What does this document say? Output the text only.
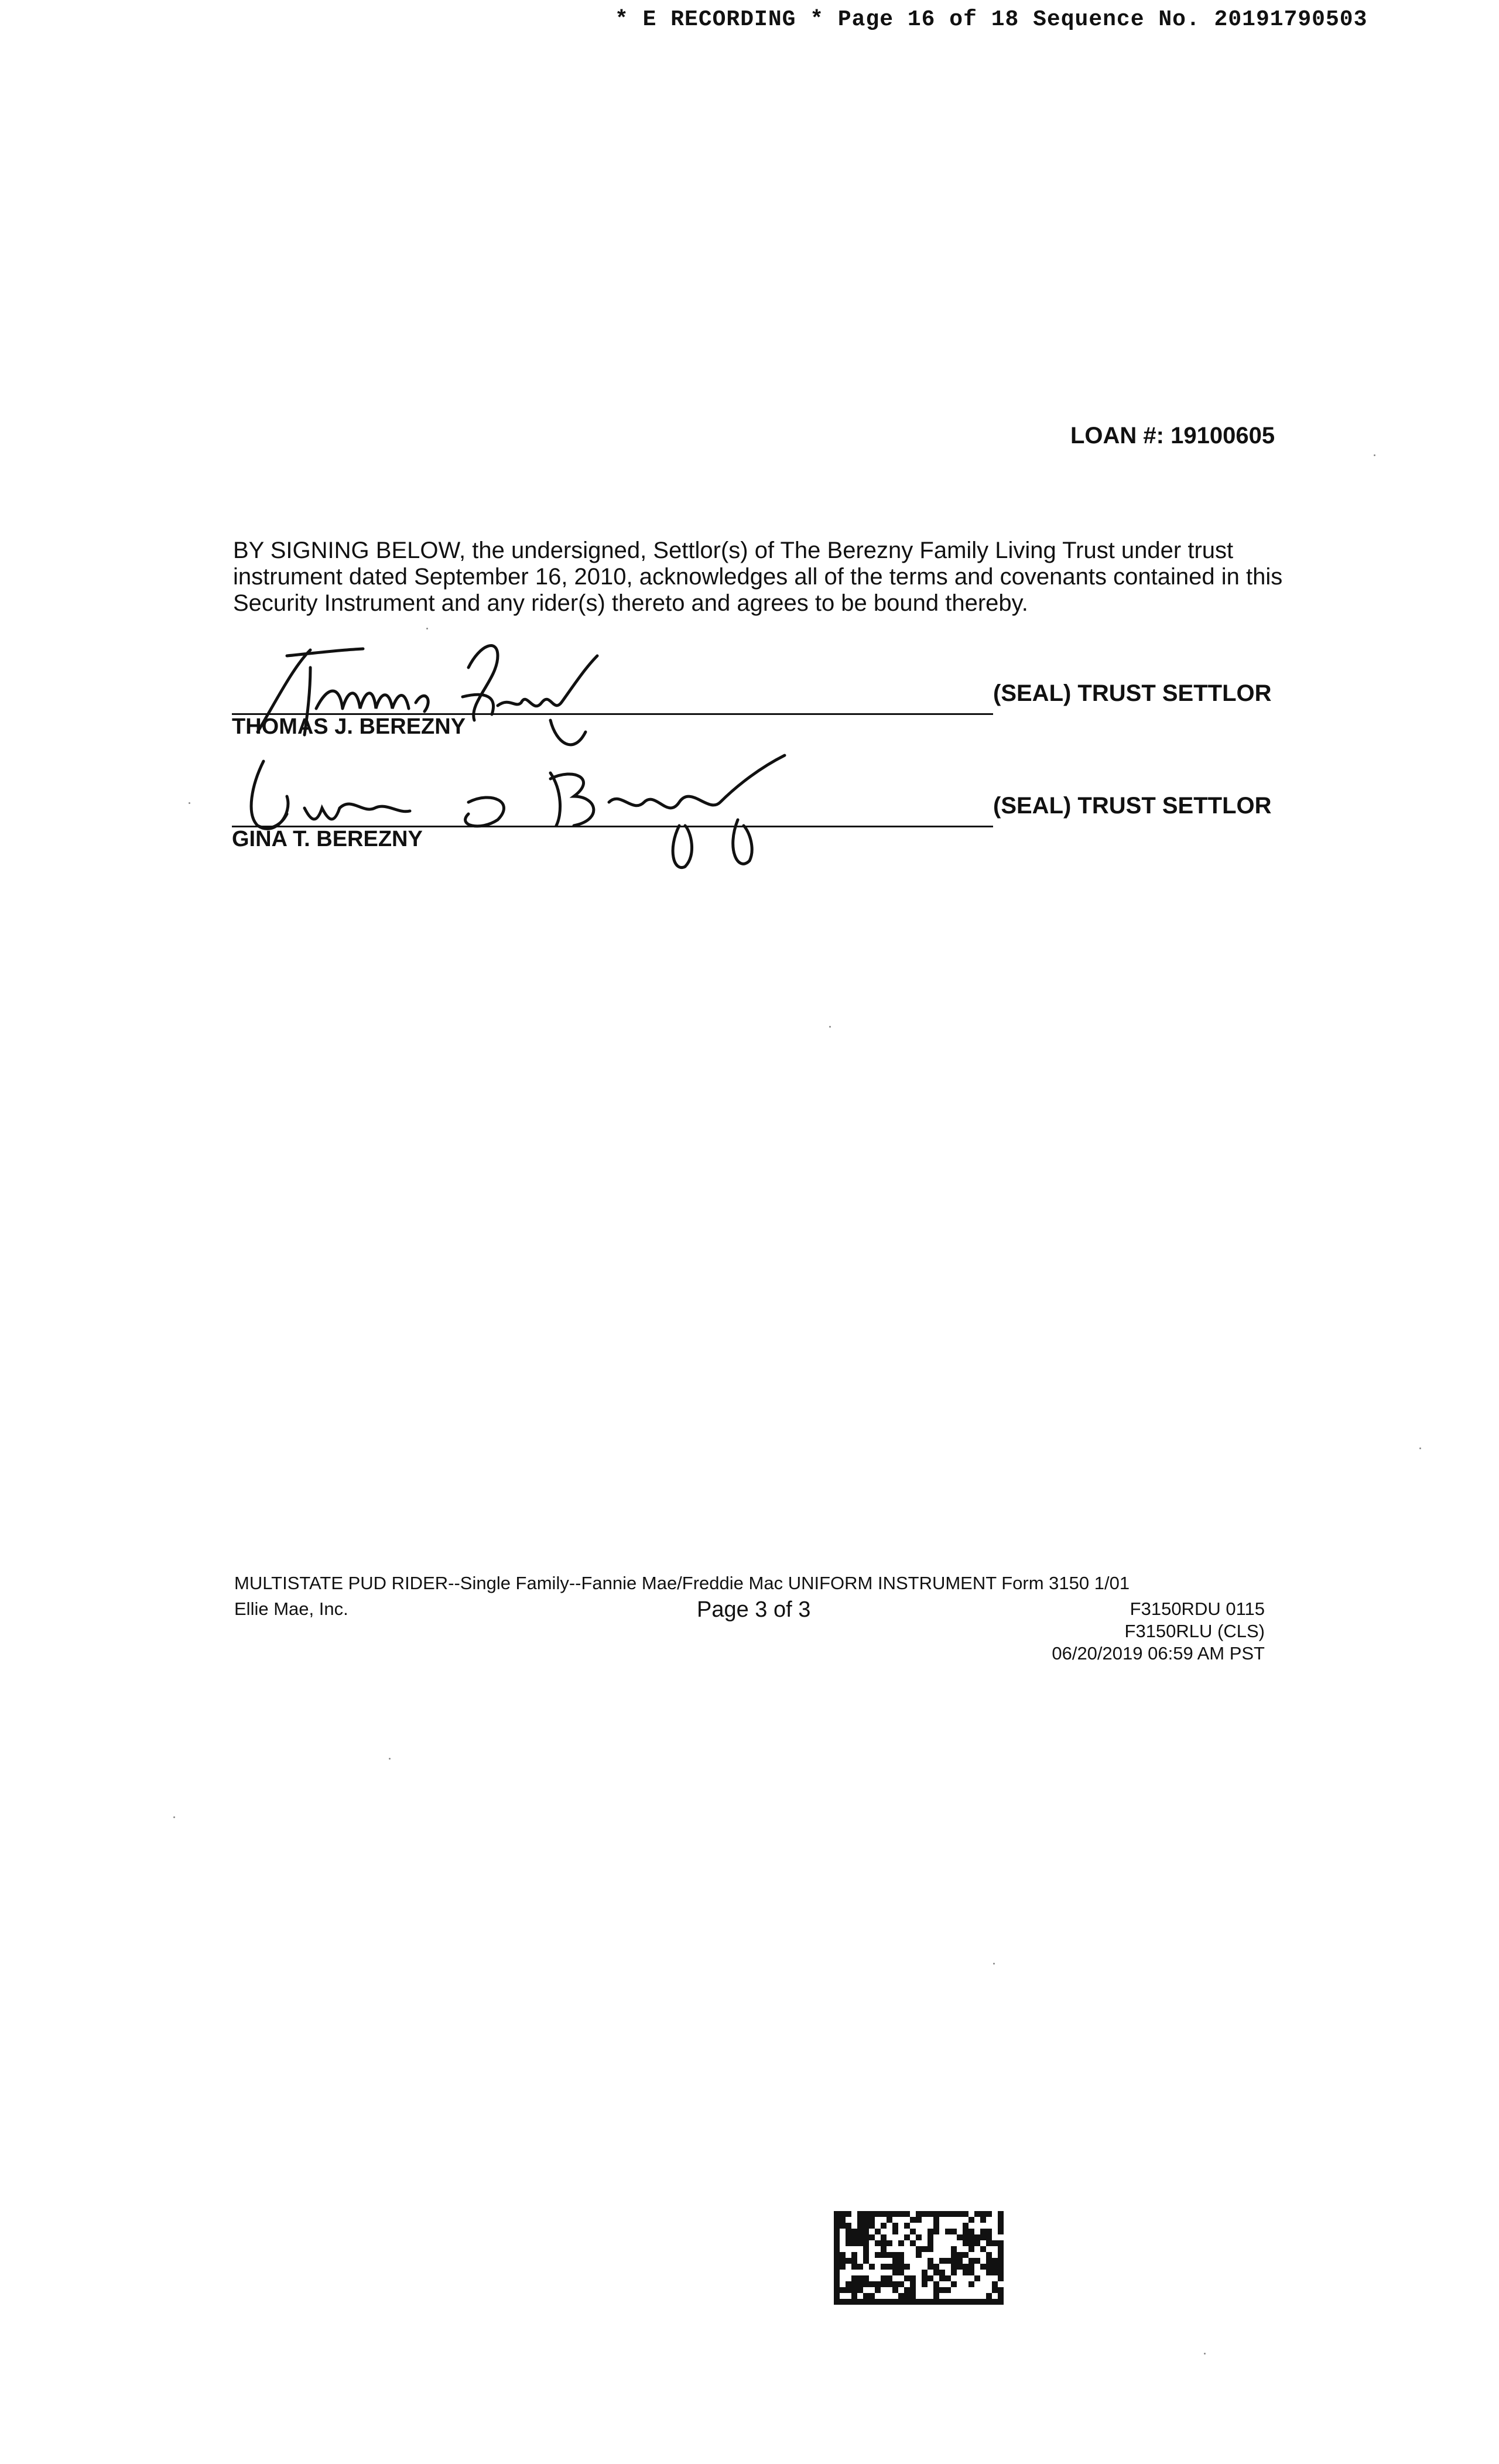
* E RECORDING * Page 16 of 18 Sequence No. 20191790503
LOAN #: 19100605

BY SIGNING BELOW, the undersigned, Settlor(s) of The Berezny Family Living Trust under trust
instrument dated September 16, 2010, acknowledges all of the terms and covenants contained in this
Security Instrument and any rider(s) thereto and agrees to be bound thereby.

(SEAL) TRUST SETTLOR
THOMAS J. BEREZNY
(SEAL) TRUST SETTLOR
GINA T. BEREZNY
MULTISTATE PUD RIDER--Single Family--Fannie Mae/Freddie Mac UNIFORM INSTRUMENT Form 3150 1/01
Ellie Mae, Inc.	Page 3 of 3	F3150RDU 0115
F3150RLU (CLS)
06/20/2019 06:59 AM PST
